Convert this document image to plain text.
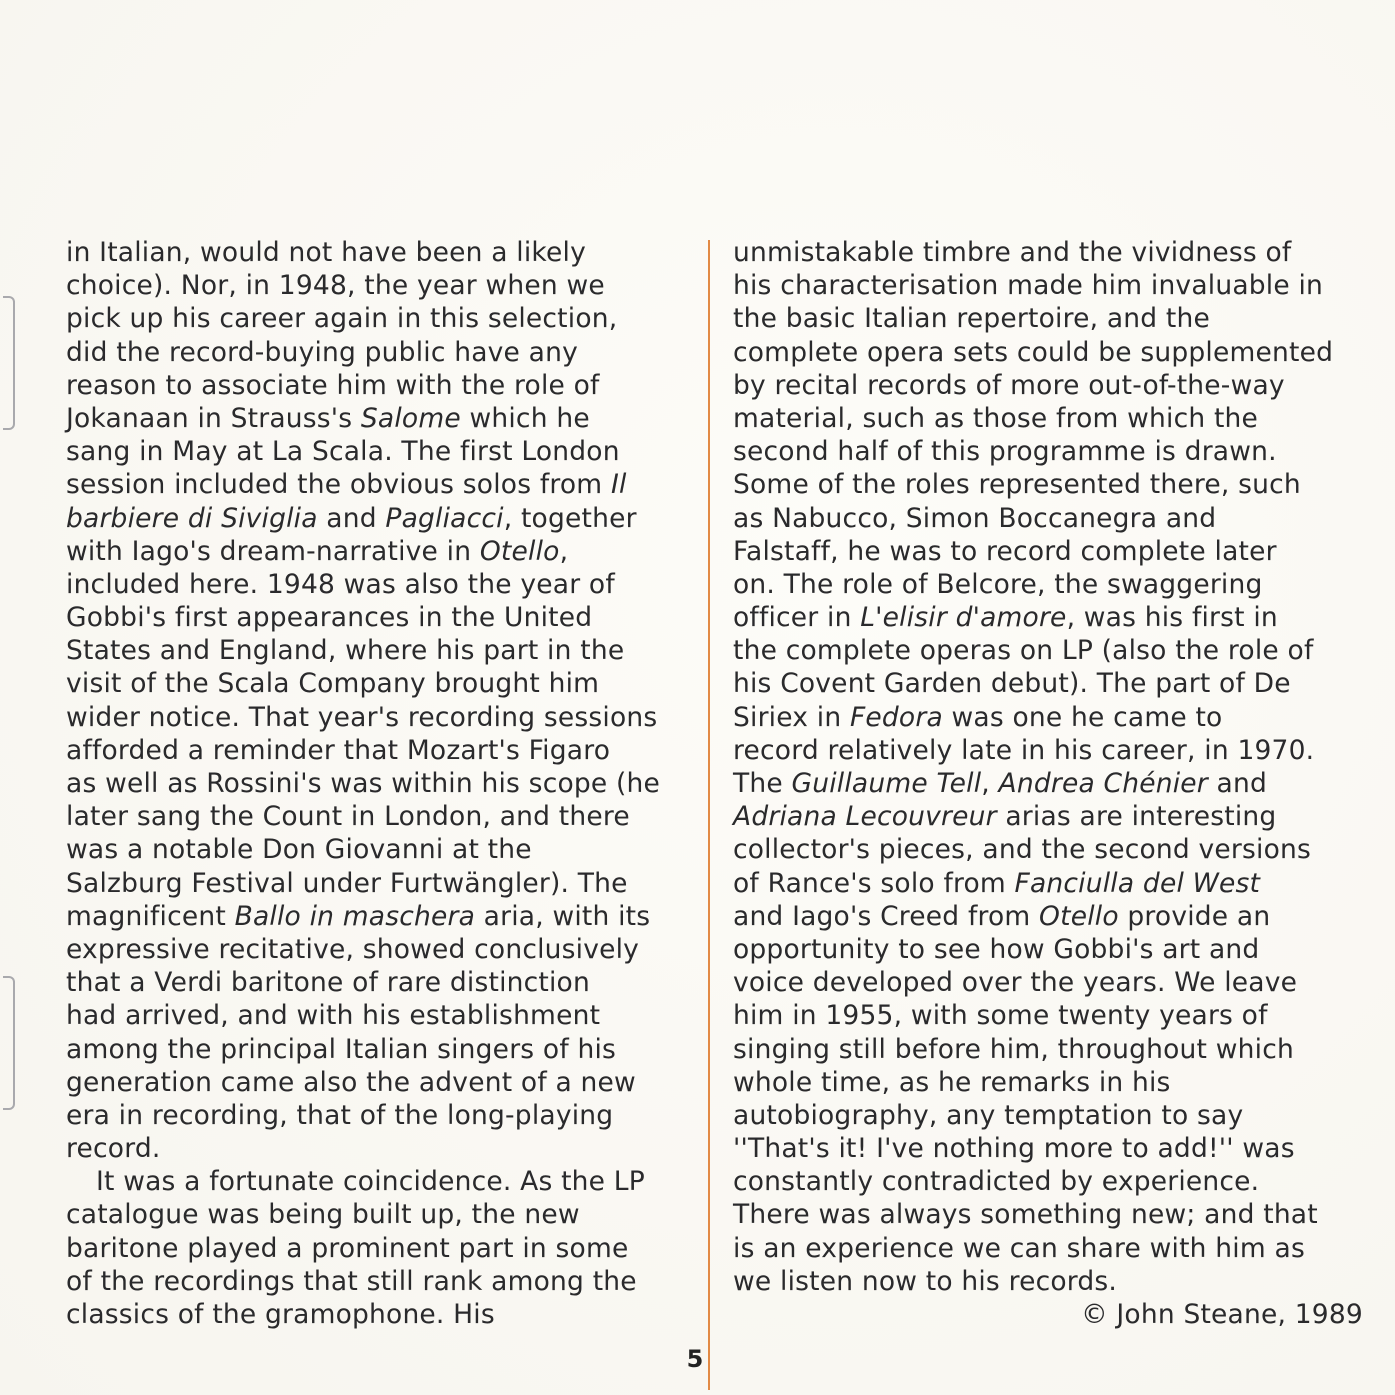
in Italian, would not have been a likely
choice). Nor, in 1948, the year when we
pick up his career again in this selection,
did the record-buying public have any
reason to associate him with the role of
Jokanaan in Strauss's Salome which he
sang in May at La Scala. The first London
session included the obvious solos from Il
barbiere di Siviglia and Pagliacci, together
with Iago's dream-narrative in Otello,
included here. 1948 was also the year of
Gobbi's first appearances in the United
States and England, where his part in the
visit of the Scala Company brought him
wider notice. That year's recording sessions
afforded a reminder that Mozart's Figaro
as well as Rossini's was within his scope (he
later sang the Count in London, and there
was a notable Don Giovanni at the
Salzburg Festival under Furtwängler). The
magnificent Ballo in maschera aria, with its
expressive recitative, showed conclusively
that a Verdi baritone of rare distinction
had arrived, and with his establishment
among the principal Italian singers of his
generation came also the advent of a new
era in recording, that of the long-playing
record.
It was a fortunate coincidence. As the LP
catalogue was being built up, the new
baritone played a prominent part in some
of the recordings that still rank among the
classics of the gramophone. His
unmistakable timbre and the vividness of
his characterisation made him invaluable in
the basic Italian repertoire, and the
complete opera sets could be supplemented
by recital records of more out-of-the-way
material, such as those from which the
second half of this programme is drawn.
Some of the roles represented there, such
as Nabucco, Simon Boccanegra and
Falstaff, he was to record complete later
on. The role of Belcore, the swaggering
officer in L'elisir d'amore, was his first in
the complete operas on LP (also the role of
his Covent Garden debut). The part of De
Siriex in Fedora was one he came to
record relatively late in his career, in 1970.
The Guillaume Tell, Andrea Chénier and
Adriana Lecouvreur arias are interesting
collector's pieces, and the second versions
of Rance's solo from Fanciulla del West
and Iago's Creed from Otello provide an
opportunity to see how Gobbi's art and
voice developed over the years. We leave
him in 1955, with some twenty years of
singing still before him, throughout which
whole time, as he remarks in his
autobiography, any temptation to say
''That's it! I've nothing more to add!'' was
constantly contradicted by experience.
There was always something new; and that
is an experience we can share with him as
we listen now to his records.
© John Steane, 1989
5
